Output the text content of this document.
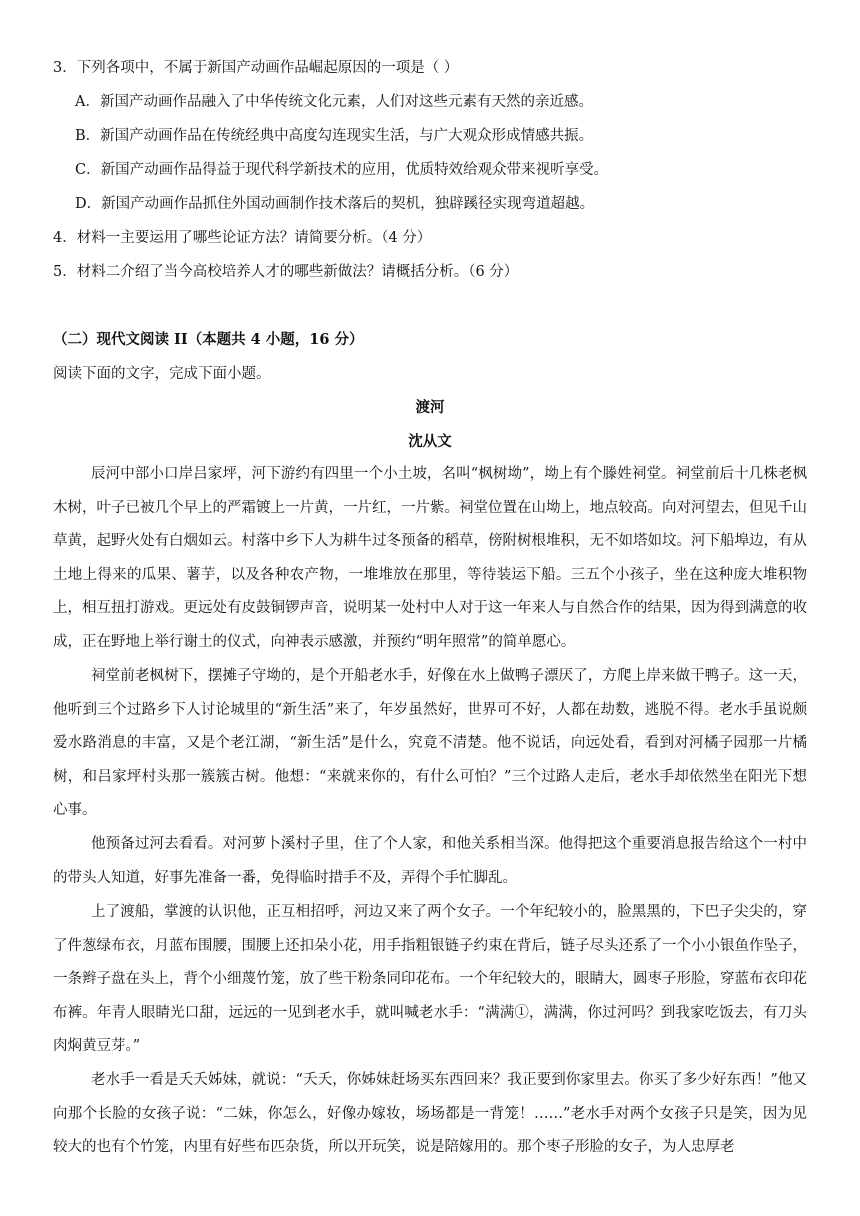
3．下列各项中，不属于新国产动画作品崛起原因的一项是（ ）
A．新国产动画作品融入了中华传统文化元素，人们对这些元素有天然的亲近感。
B．新国产动画作品在传统经典中高度勾连现实生活，与广大观众形成情感共振。
C．新国产动画作品得益于现代科学新技术的应用，优质特效给观众带来视听享受。
D．新国产动画作品抓住外国动画制作技术落后的契机，独辟蹊径实现弯道超越。
4．材料一主要运用了哪些论证方法？请简要分析。（4 分）
5．材料二介绍了当今高校培养人才的哪些新做法？请概括分析。（6 分）
（二）现代文阅读 II（本题共 4 小题，16 分）
阅读下面的文字，完成下面小题。
渡河
沈从文
辰河中部小口岸吕家坪，河下游约有四里一个小土坡，名叫“枫树坳”，坳上有个滕姓祠堂。祠堂前后十几株老枫木树，叶子已被几个早上的严霜镀上一片黄，一片红，一片紫。祠堂位置在山坳上，地点较高。向对河望去，但见千山草黄，起野火处有白烟如云。村落中乡下人为耕牛过冬预备的稻草，傍附树根堆积，无不如塔如坟。河下船埠边，有从土地上得来的瓜果、薯芋，以及各种农产物，一堆堆放在那里，等待装运下船。三五个小孩子，坐在这种庞大堆积物上，相互扭打游戏。更远处有皮鼓铜锣声音，说明某一处村中人对于这一年来人与自然合作的结果，因为得到满意的收成，正在野地上举行谢土的仪式，向神表示感激，并预约“明年照常”的简单愿心。
祠堂前老枫树下，摆摊子守坳的，是个开船老水手，好像在水上做鸭子漂厌了，方爬上岸来做干鸭子。这一天，他听到三个过路乡下人讨论城里的“新生活”来了，年岁虽然好，世界可不好，人都在劫数，逃脱不得。老水手虽说颇爱水路消息的丰富，又是个老江湖，“新生活”是什么，究竟不清楚。他不说话，向远处看，看到对河橘子园那一片橘树，和吕家坪村头那一簇簇古树。他想：“来就来你的，有什么可怕？”三个过路人走后，老水手却依然坐在阳光下想心事。
他预备过河去看看。对河萝卜溪村子里，住了个人家，和他关系相当深。他得把这个重要消息报告给这个一村中的带头人知道，好事先准备一番，免得临时措手不及，弄得个手忙脚乱。
上了渡船，掌渡的认识他，正互相招呼，河边又来了两个女子。一个年纪较小的，脸黑黑的，下巴子尖尖的，穿了件葱绿布衣，月蓝布围腰，围腰上还扣朵小花，用手指粗银链子约束在背后，链子尽头还系了一个小小银鱼作坠子，一条辫子盘在头上，背个小细蔑竹笼，放了些干粉条同印花布。一个年纪较大的，眼睛大，圆枣子形脸，穿蓝布衣印花布裤。年青人眼睛光口甜，远远的一见到老水手，就叫喊老水手：“满满①，满满，你过河吗？到我家吃饭去，有刀头肉焖黄豆芽。”
老水手一看是夭夭姊妹，就说：“夭夭，你姊妹赶场买东西回来？我正要到你家里去。你买了多少好东西！”他又向那个长脸的女孩子说：“二妹，你怎么，好像办嫁妆，场场都是一背笼！……”老水手对两个女孩子只是笑，因为见较大的也有个竹笼，内里有好些布匹杂货，所以开玩笑，说是陪嫁用的。那个枣子形脸的女子，为人忠厚老
